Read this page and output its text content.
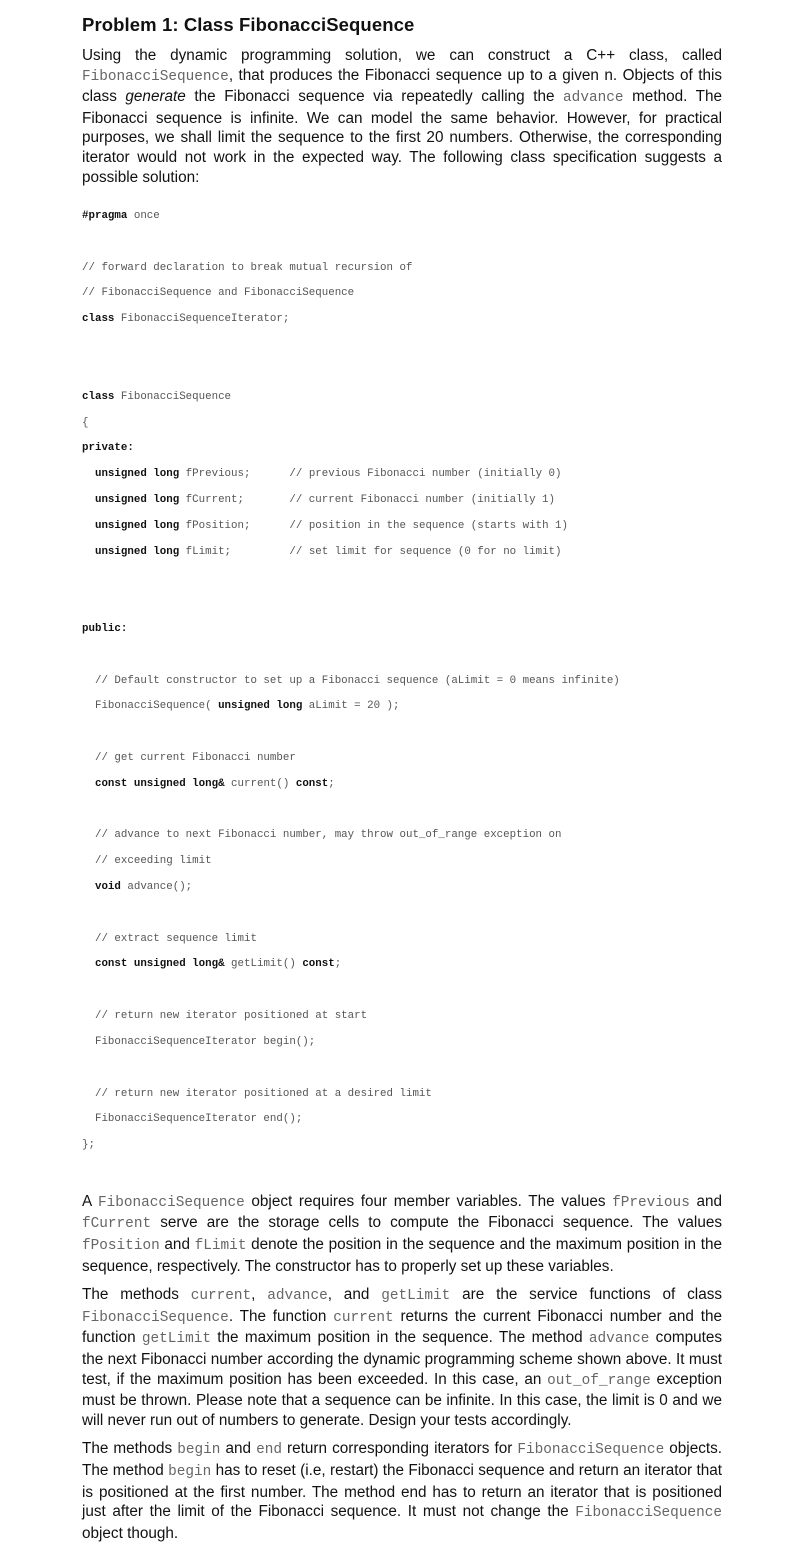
Problem 1: Class FibonacciSequence

Using the dynamic programming solution, we can construct a C++ class, called FibonacciSequence, that produces the Fibonacci sequence up to a given n. Objects of this class generate the Fibonacci sequence via repeatedly calling the advance method. The Fibonacci sequence is infinite. We can model the same behavior. However, for practical purposes, we shall limit the sequence to the first 20 numbers. Otherwise, the corresponding iterator would not work in the expected way. The following class specification suggests a possible solution:

#pragma once

// forward declaration to break mutual recursion of

// FibonacciSequence and FibonacciSequence

class FibonacciSequenceIterator;

class FibonacciSequence

{

private:

unsigned long fPrevious;	// previous Fibonacci number (initially 0)

unsigned long fCurrent;	// current Fibonacci number (initially 1)

unsigned long fPosition;	// position in the sequence (starts with 1)

unsigned long fLimit;	// set limit for sequence (0 for no limit)

public:

// Default constructor to set up a Fibonacci sequence (aLimit = 0 means infinite)

FibonacciSequence( unsigned long aLimit = 20 );

// get current Fibonacci number

const unsigned long& current() const;

// advance to next Fibonacci number, may throw out_of_range exception on

// exceeding limit

void advance();

// extract sequence limit

const unsigned long& getLimit() const;

// return new iterator positioned at start

FibonacciSequenceIterator begin();

// return new iterator positioned at a desired limit

FibonacciSequenceIterator end();

};

A FibonacciSequence object requires four member variables. The values fPrevious and fCurrent serve are the storage cells to compute the Fibonacci sequence. The values fPosition and fLimit denote the position in the sequence and the maximum position in the sequence, respectively. The constructor has to properly set up these variables.

The methods current, advance, and getLimit are the service functions of class FibonacciSequence. The function current returns the current Fibonacci number and the function getLimit the maximum position in the sequence. The method advance computes the next Fibonacci number according the dynamic programming scheme shown above. It must test, if the maximum position has been exceeded. In this case, an out_of_range exception must be thrown. Please note that a sequence can be infinite. In this case, the limit is 0 and we will never run out of numbers to generate. Design your tests accordingly.

The methods begin and end return corresponding iterators for FibonacciSequence objects. The method begin has to reset (i.e, restart) the Fibonacci sequence and return an iterator that is positioned at the first number. The method end has to return an iterator that is positioned just after the limit of the Fibonacci sequence. It must not change the FibonacciSequence object though.
